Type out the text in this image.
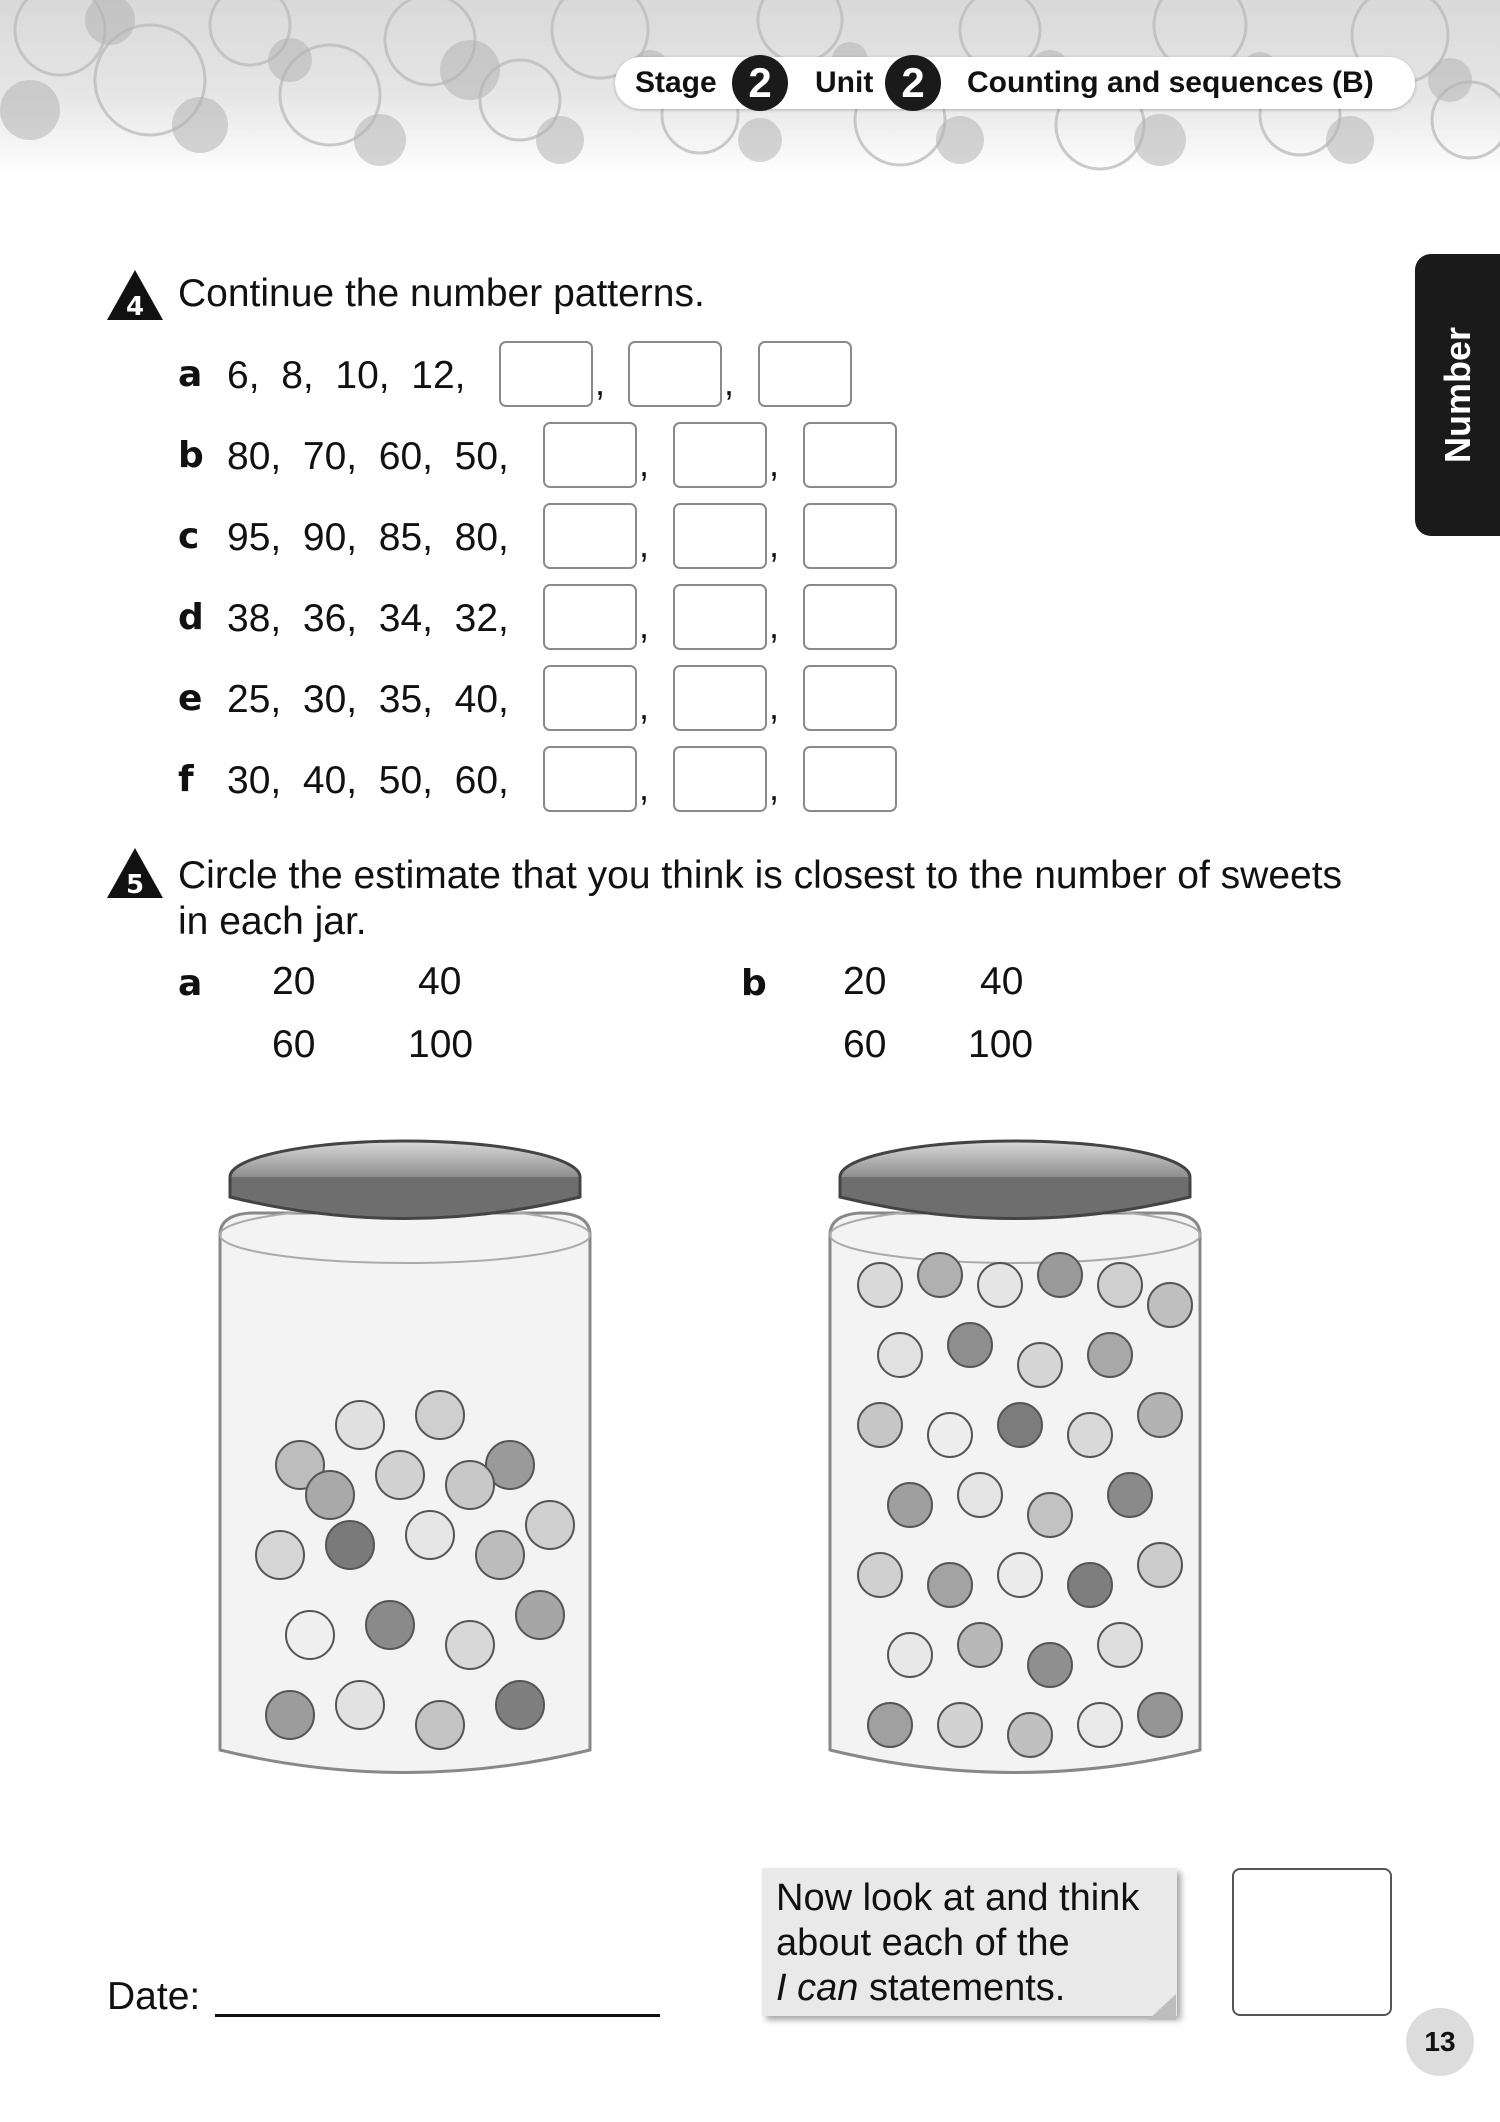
Stage 2	Unit 2	Counting and sequences (B)
Number
4 Continue the number patterns.
a 6,  8,  10,  12,	,	,
b 80,  70,  60,  50,	,	,
c 95,  90,  85,  80,	,	,
d 38,  36,  34,  32,	,	,
e 25,  30,  35,  40,	,	,
f 30,  40,  50,  60,	,	,
5 Circle the estimate that you think is closest to the number of sweets
in each jar.
a 20	40
60 100
b 20 40
60 100
Date:
Now look at and think
about each of the
I can statements.
13
